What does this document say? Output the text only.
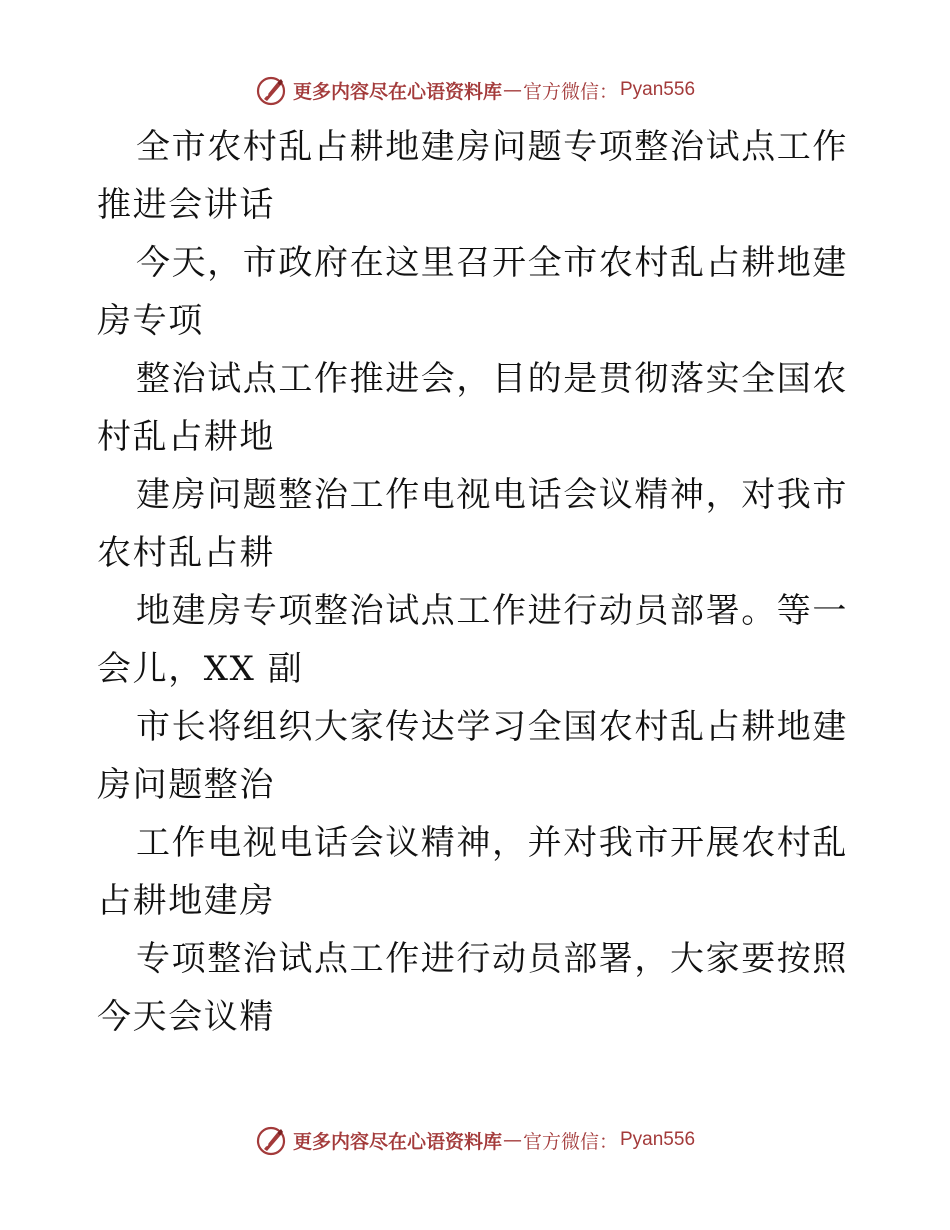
更多内容尽在心语资料库 — 官方微信： Pyan556

全市农村乱占耕地建房问题专项整治试点工作推进会讲话

今天，市政府在这里召开全市农村乱占耕地建房专项

整治试点工作推进会，目的是贯彻落实全国农村乱占耕地

建房问题整治工作电视电话会议精神，对我市农村乱占耕

地建房专项整治试点工作进行动员部署。等一会儿，XX 副

市长将组织大家传达学习全国农村乱占耕地建房问题整治

工作电视电话会议精神，并对我市开展农村乱占耕地建房

专项整治试点工作进行动员部署，大家要按照今天会议精

更多内容尽在心语资料库 — 官方微信： Pyan556
